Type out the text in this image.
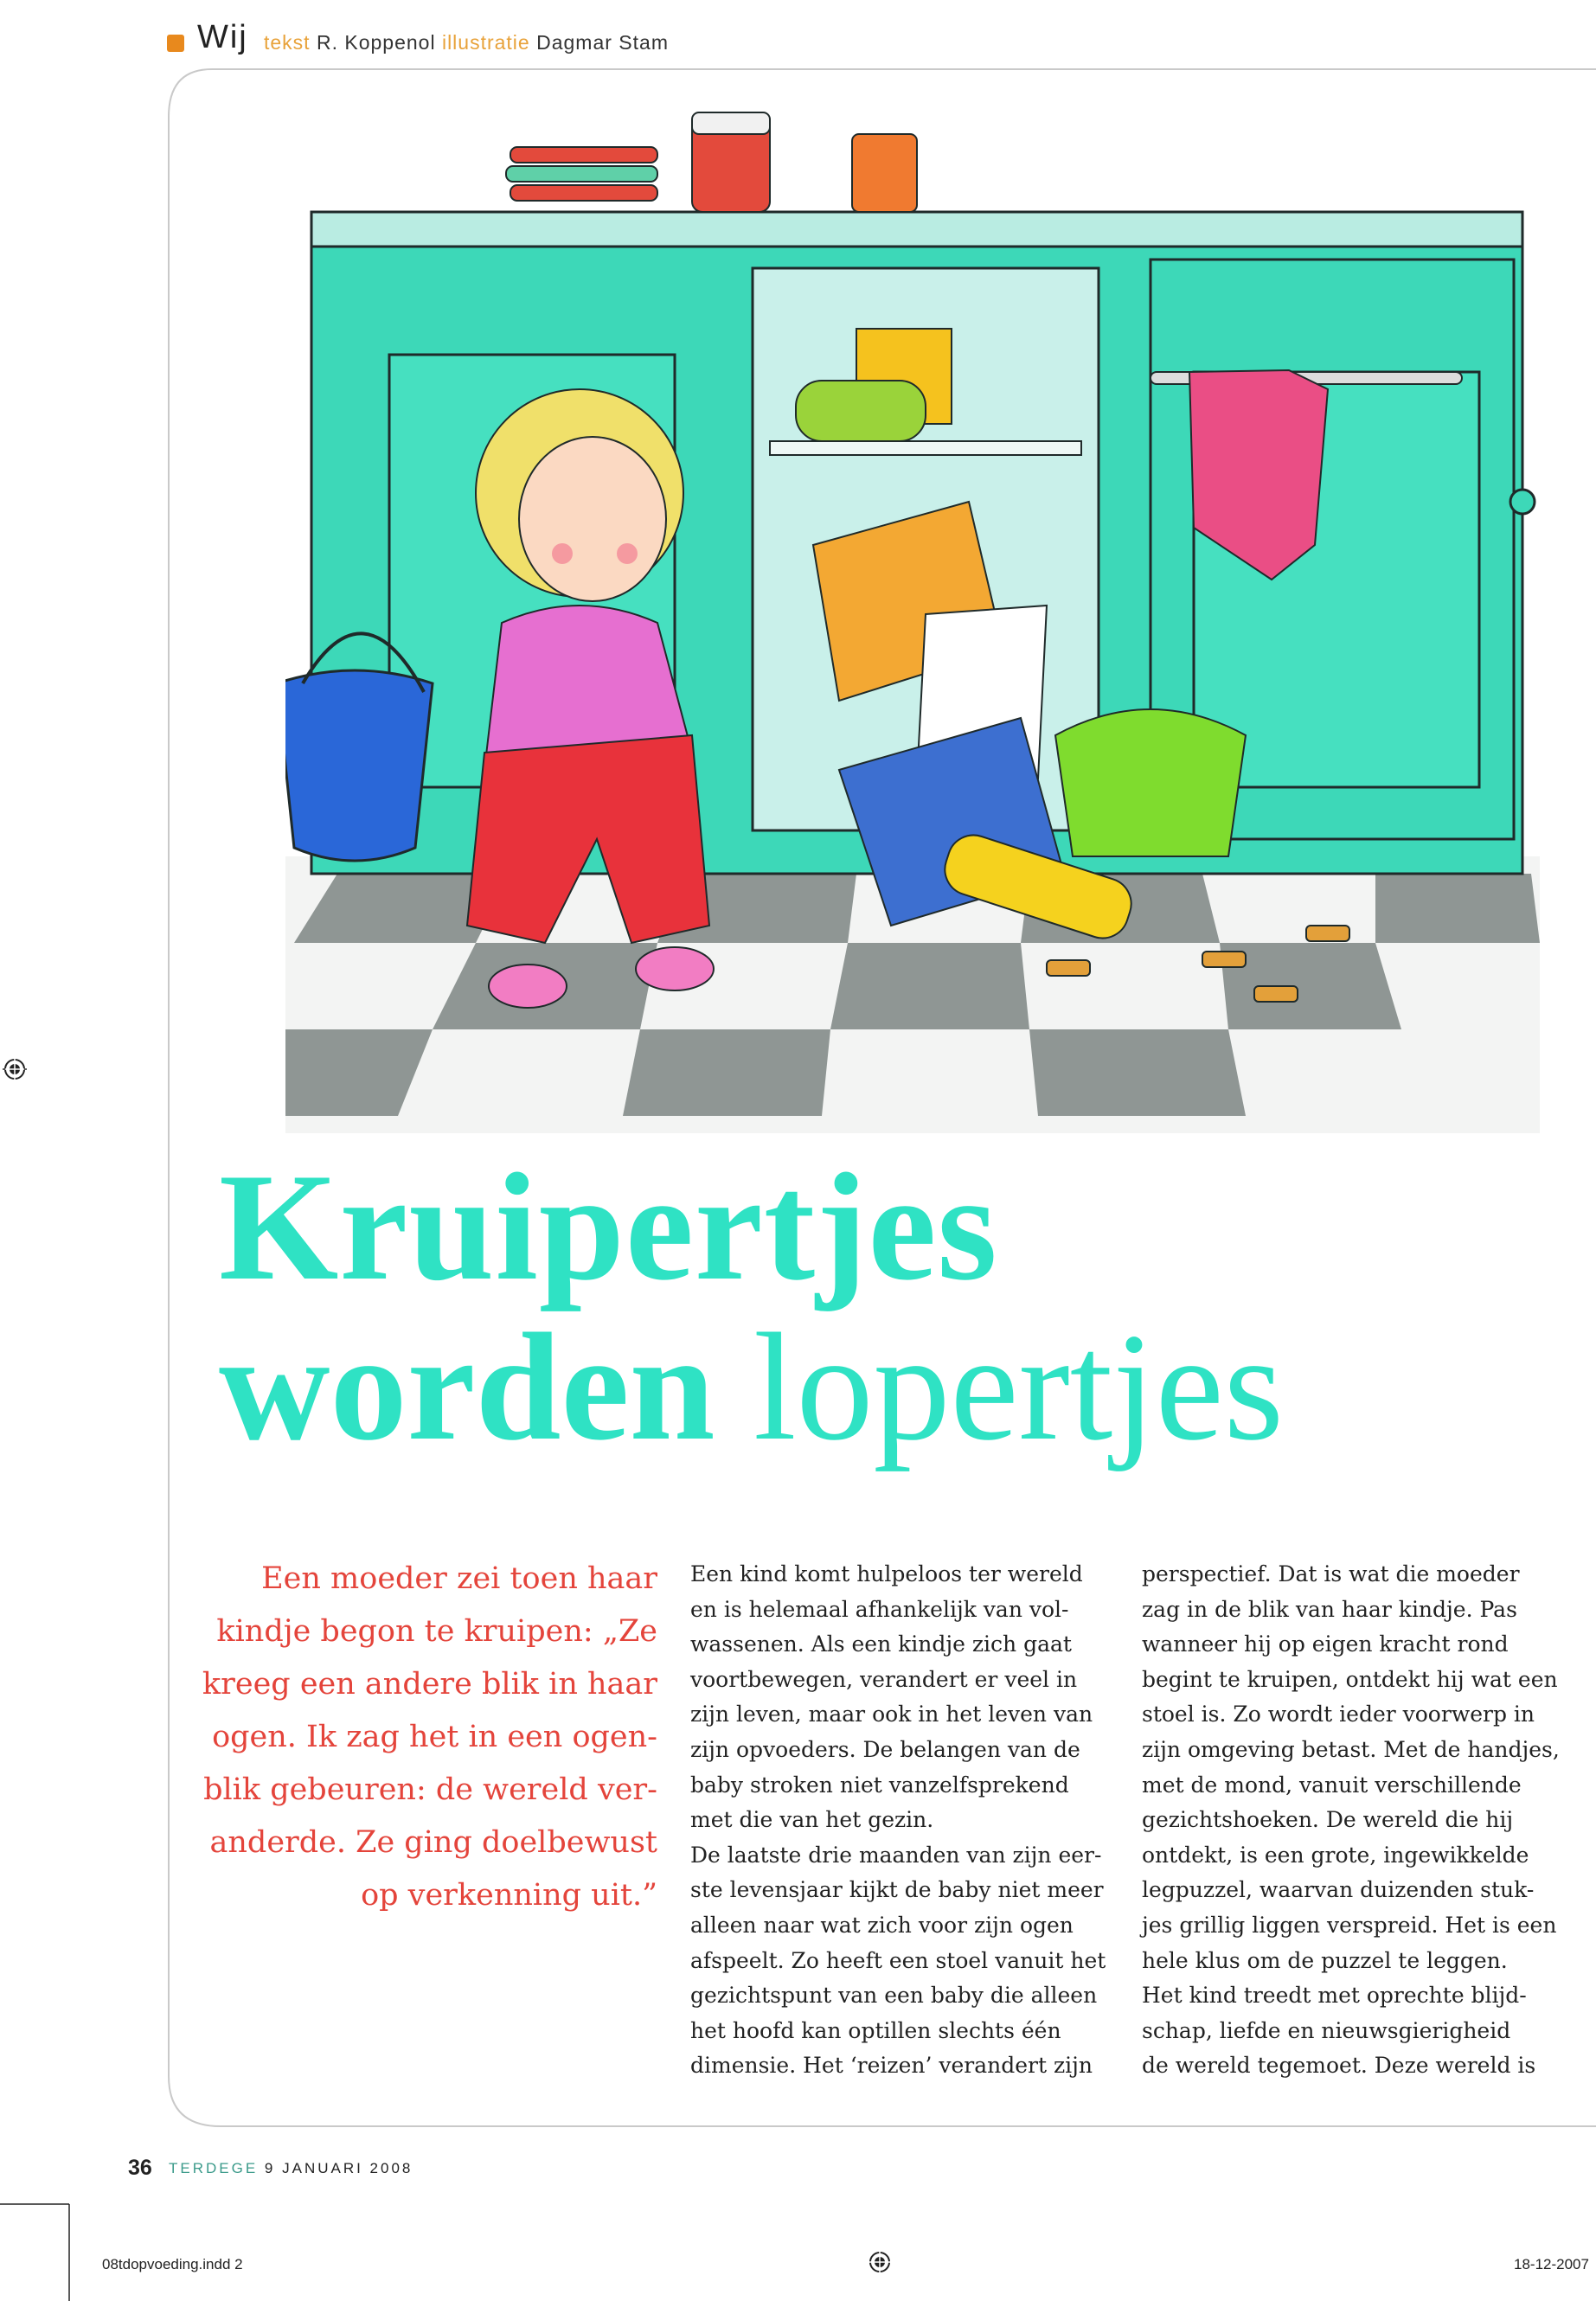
Wij tekst R. Koppenol illustratie Dagmar Stam
Kruipertjes
worden lopertjes
Een moeder zei toen haar
kindje begon te kruipen: „Ze
kreeg een andere blik in haar
ogen. Ik zag het in een ogen-
blik gebeuren: de wereld ver-
anderde. Ze ging doelbewust
op verkenning uit.”
Een kind komt hulpeloos ter wereld
en is helemaal afhankelijk van vol-
wassenen. Als een kindje zich gaat
voortbewegen, verandert er veel in
zijn leven, maar ook in het leven van
zijn opvoeders. De belangen van de
baby stroken niet vanzelfsprekend
met die van het gezin.
De laatste drie maanden van zijn eer-
ste levensjaar kijkt de baby niet meer
alleen naar wat zich voor zijn ogen
afspeelt. Zo heeft een stoel vanuit het
gezichtspunt van een baby die alleen
het hoofd kan optillen slechts één
dimensie. Het ‘reizen’ verandert zijn
perspectief. Dat is wat die moeder
zag in de blik van haar kindje. Pas
wanneer hij op eigen kracht rond
begint te kruipen, ontdekt hij wat een
stoel is. Zo wordt ieder voorwerp in
zijn omgeving betast. Met de handjes,
met de mond, vanuit verschillende
gezichtshoeken. De wereld die hij
ontdekt, is een grote, ingewikkelde
legpuzzel, waarvan duizenden stuk-
jes grillig liggen verspreid. Het is een
hele klus om de puzzel te leggen.
Het kind treedt met oprechte blijd-
schap, liefde en nieuwsgierigheid
de wereld tegemoet. Deze wereld is
36 TERDEGE 9 JANUARI 2008
08tdopvoeding.indd 2	18-12-2007
